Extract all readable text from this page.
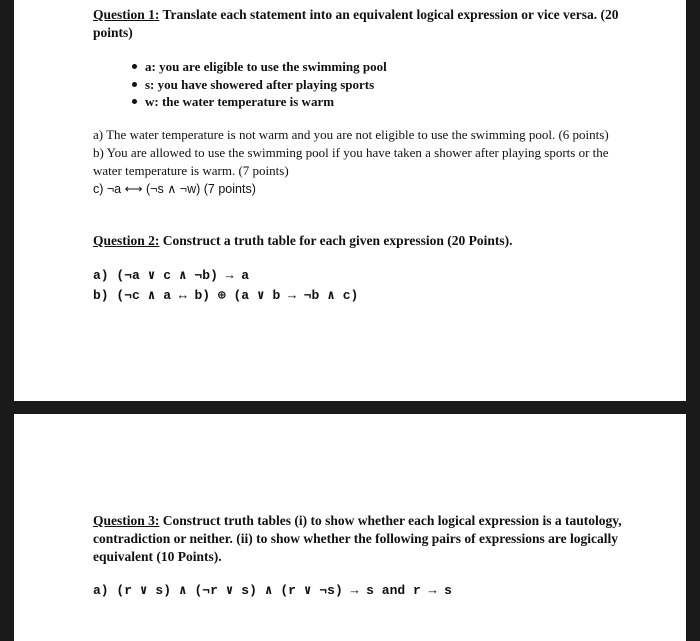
Question 1: Translate each statement into an equivalent logical expression or vice versa. (20 points)
a: you are eligible to use the swimming pool
s: you have showered after playing sports
w: the water temperature is warm
a) The water temperature is not warm and you are not eligible to use the swimming pool. (6 points)
b) You are allowed to use the swimming pool if you have taken a shower after playing sports or the water temperature is warm. (7 points)
c) ¬a ⟷ (¬s ∧ ¬w) (7 points)
Question 2: Construct a truth table for each given expression (20 Points).
a) (¬a ∨ c ∧ ¬b) → a
b) (¬c ∧ a ↔ b) ⊕ (a ∨ b → ¬b ∧ c)
Question 3: Construct truth tables (i) to show whether each logical expression is a tautology, contradiction or neither. (ii) to show whether the following pairs of expressions are logically equivalent (10 Points).
a) (r ∨ s) ∧ (¬r ∨ s) ∧ (r ∨ ¬s) → s and r → s
